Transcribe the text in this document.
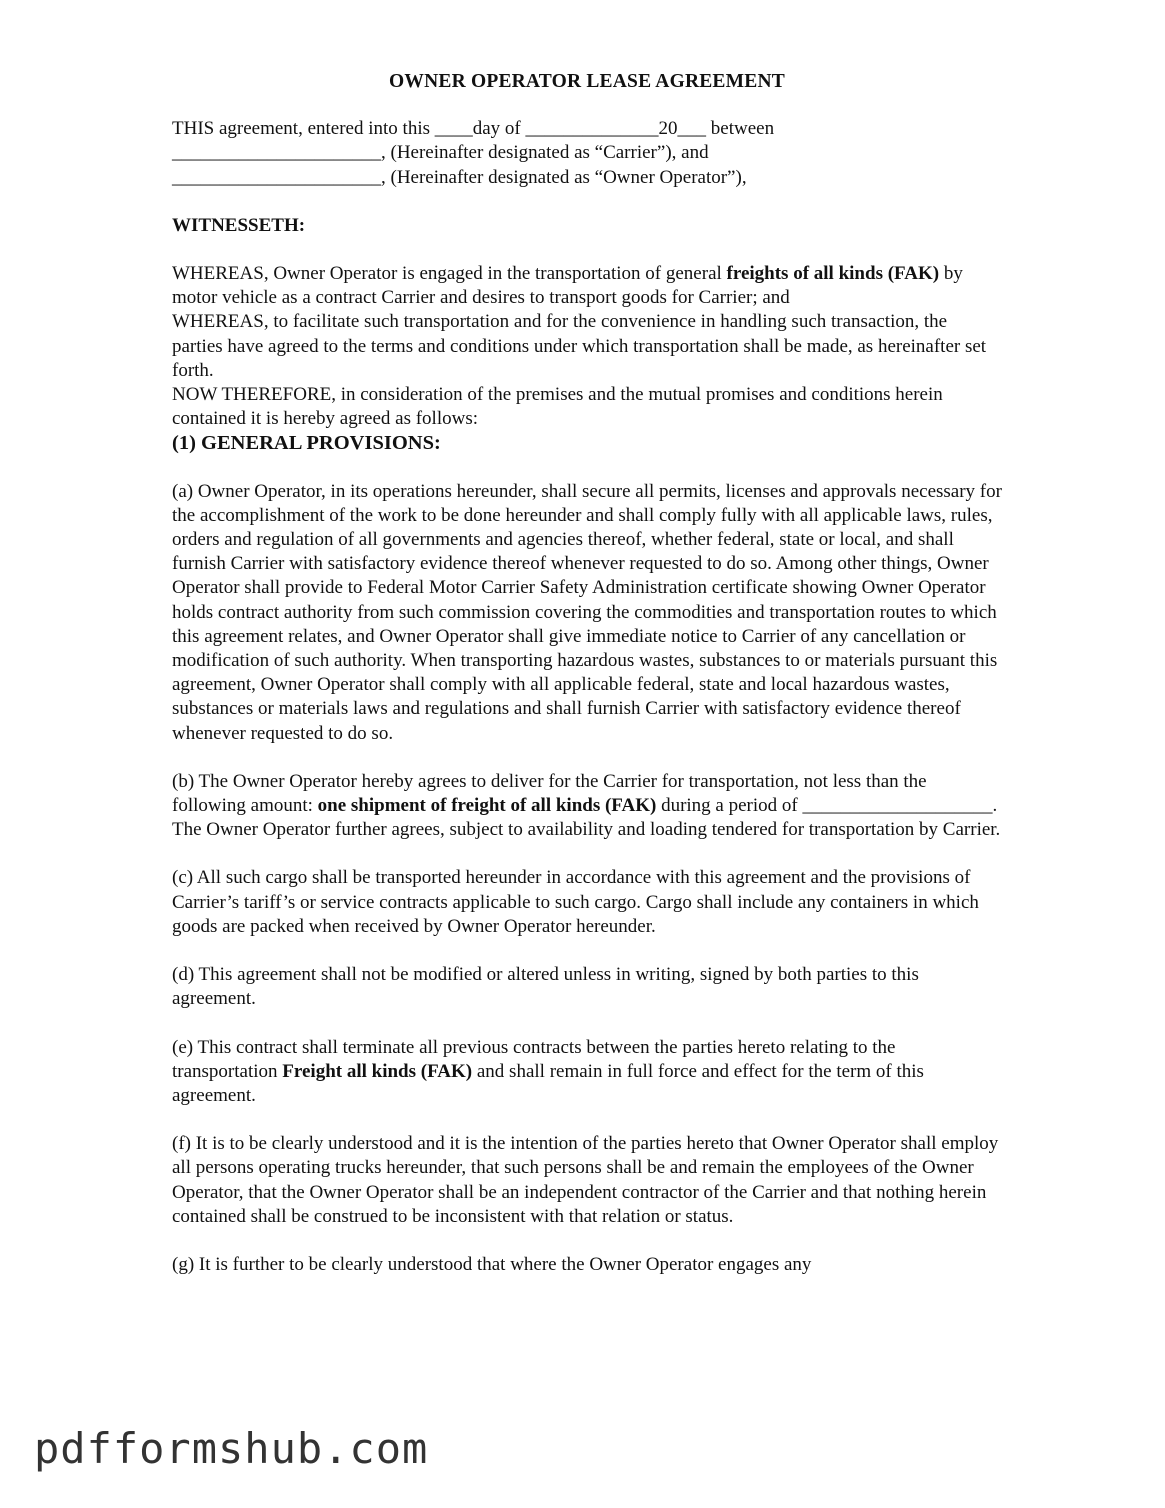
OWNER OPERATOR LEASE AGREEMENT

THIS agreement, entered into this ____day of ______________20___ between
______________________, (Hereinafter designated as “Carrier”), and
______________________, (Hereinafter designated as “Owner Operator”),

WITNESSETH:

WHEREAS, Owner Operator is engaged in the transportation of general freights of all kinds (FAK) by motor vehicle as a contract Carrier and desires to transport goods for Carrier; and

WHEREAS, to facilitate such transportation and for the convenience in handling such transaction, the parties have agreed to the terms and conditions under which transportation shall be made, as hereinafter set forth.

NOW THEREFORE, in consideration of the premises and the mutual promises and conditions herein contained it is hereby agreed as follows:

(1) GENERAL PROVISIONS:

(a) Owner Operator, in its operations hereunder, shall secure all permits, licenses and approvals necessary for the accomplishment of the work to be done hereunder and shall comply fully with all applicable laws, rules, orders and regulation of all governments and agencies thereof, whether federal, state or local, and shall furnish Carrier with satisfactory evidence thereof whenever requested to do so. Among other things, Owner Operator shall provide to Federal Motor Carrier Safety Administration certificate showing Owner Operator holds contract authority from such commission covering the commodities and transportation routes to which this agreement relates, and Owner Operator shall give immediate notice to Carrier of any cancellation or modification of such authority. When transporting hazardous wastes, substances to or materials pursuant this agreement, Owner Operator shall comply with all applicable federal, state and local hazardous wastes, substances or materials laws and regulations and shall furnish Carrier with satisfactory evidence thereof whenever requested to do so.

(b) The Owner Operator hereby agrees to deliver for the Carrier for transportation, not less than the following amount: one shipment of freight of all kinds (FAK) during a period of ____________________. The Owner Operator further agrees, subject to availability and loading tendered for transportation by Carrier.

(c) All such cargo shall be transported hereunder in accordance with this agreement and the provisions of Carrier’s tariff’s or service contracts applicable to such cargo. Cargo shall include any containers in which goods are packed when received by Owner Operator hereunder.

(d) This agreement shall not be modified or altered unless in writing, signed by both parties to this agreement.

(e) This contract shall terminate all previous contracts between the parties hereto relating to the transportation Freight all kinds (FAK) and shall remain in full force and effect for the term of this agreement.

(f) It is to be clearly understood and it is the intention of the parties hereto that Owner Operator shall employ all persons operating trucks hereunder, that such persons shall be and remain the employees of the Owner Operator, that the Owner Operator shall be an independent contractor of the Carrier and that nothing herein contained shall be construed to be inconsistent with that relation or status.

(g) It is further to be clearly understood that where the Owner Operator engages any

pdfformshub.com
